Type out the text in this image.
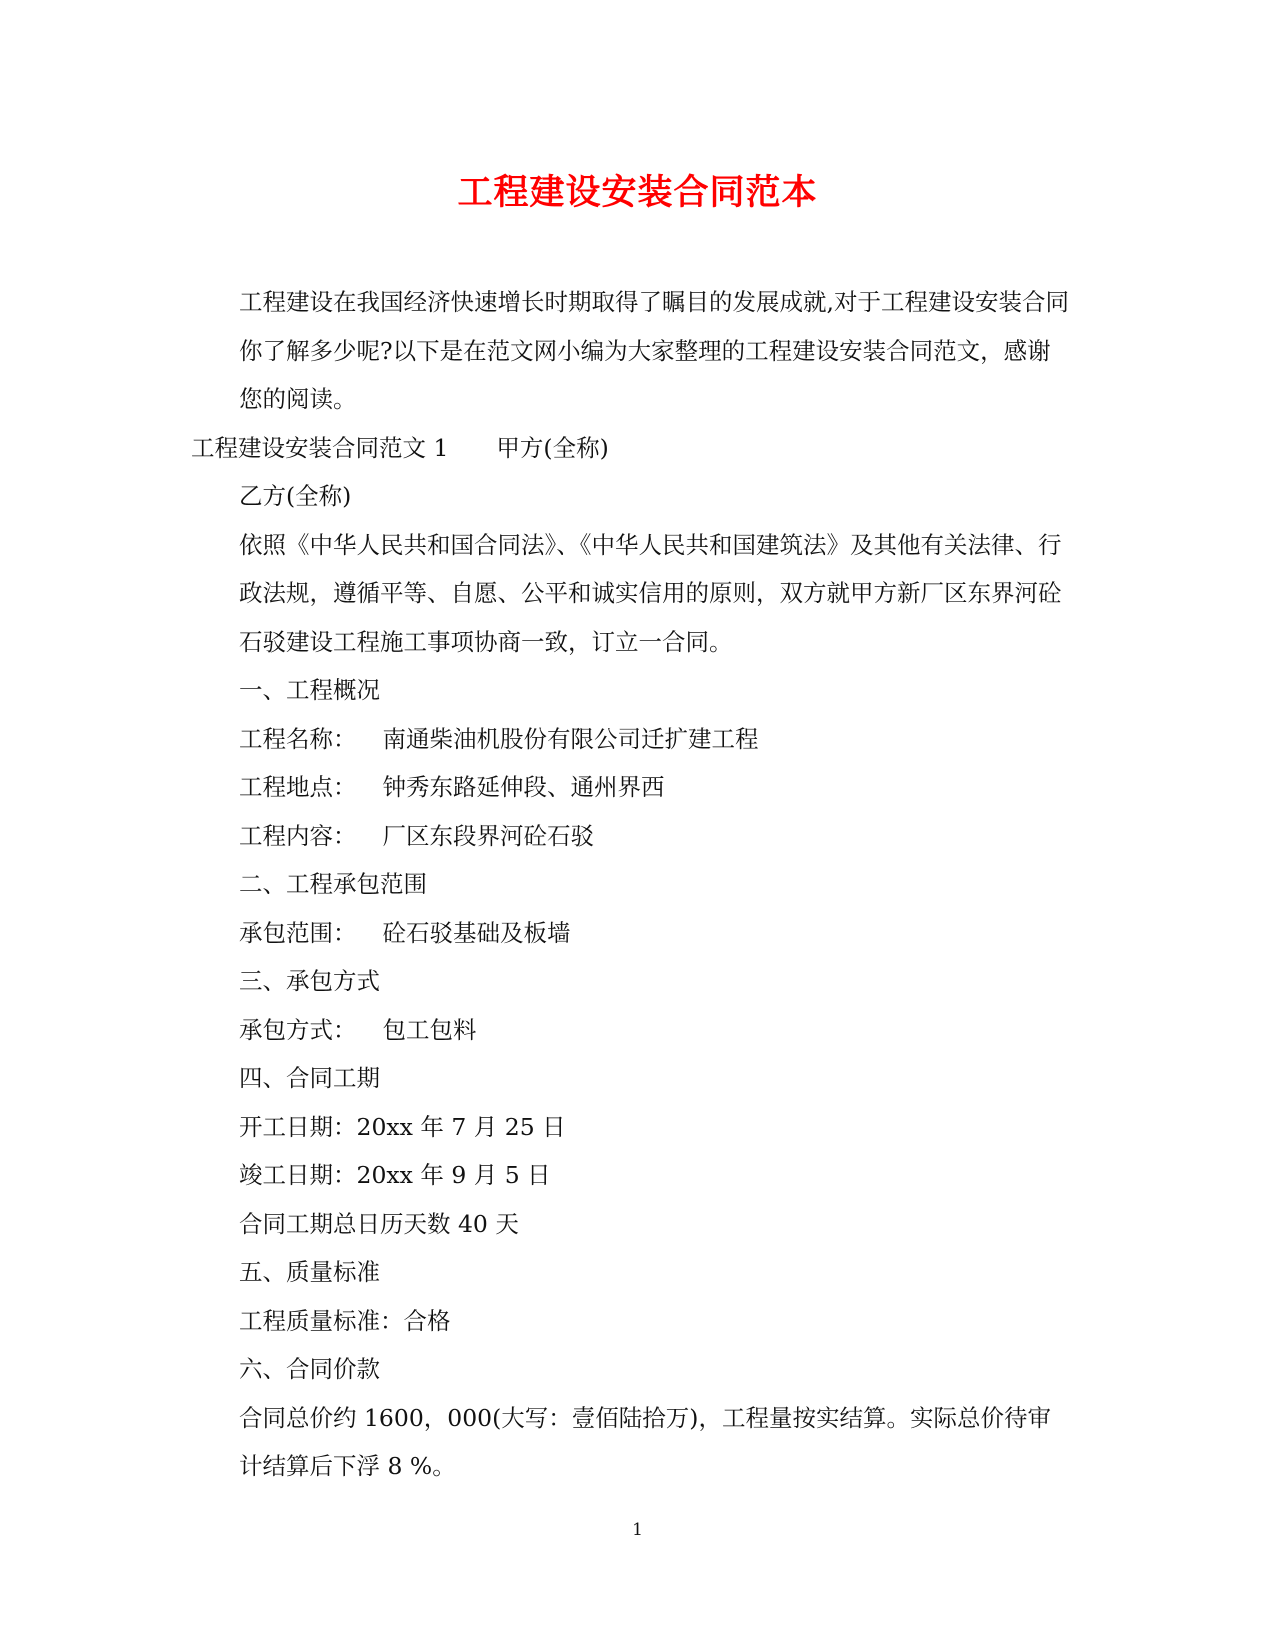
工程建设安装合同范本

工程建设在我国经济快速增长时期取得了瞩目的发展成就,对于工程建设安装合同你了解多少呢?以下是在范文网小编为大家整理的工程建设安装合同范文，感谢您的阅读。

工程建设安装合同范文 1 甲方(全称)

乙方(全称)

依照《中华人民共和国合同法》、《中华人民共和国建筑法》及其他有关法律、行政法规，遵循平等、自愿、公平和诚实信用的原则，双方就甲方新厂区东界河砼石驳建设工程施工事项协商一致，订立一合同。

一、工程概况

工程名称： 南通柴油机股份有限公司迁扩建工程

工程地点： 钟秀东路延伸段、通州界西

工程内容： 厂区东段界河砼石驳

二、工程承包范围

承包范围： 砼石驳基础及板墙

三、承包方式

承包方式： 包工包料

四、合同工期

开工日期：20xx 年 7 月 25 日

竣工日期：20xx 年 9 月 5 日

合同工期总日历天数 40 天

五、质量标准

工程质量标准：合格

六、合同价款

合同总价约 1600，000(大写：壹佰陆拾万)，工程量按实结算。实际总价待审计结算后下浮 8 %。

1
